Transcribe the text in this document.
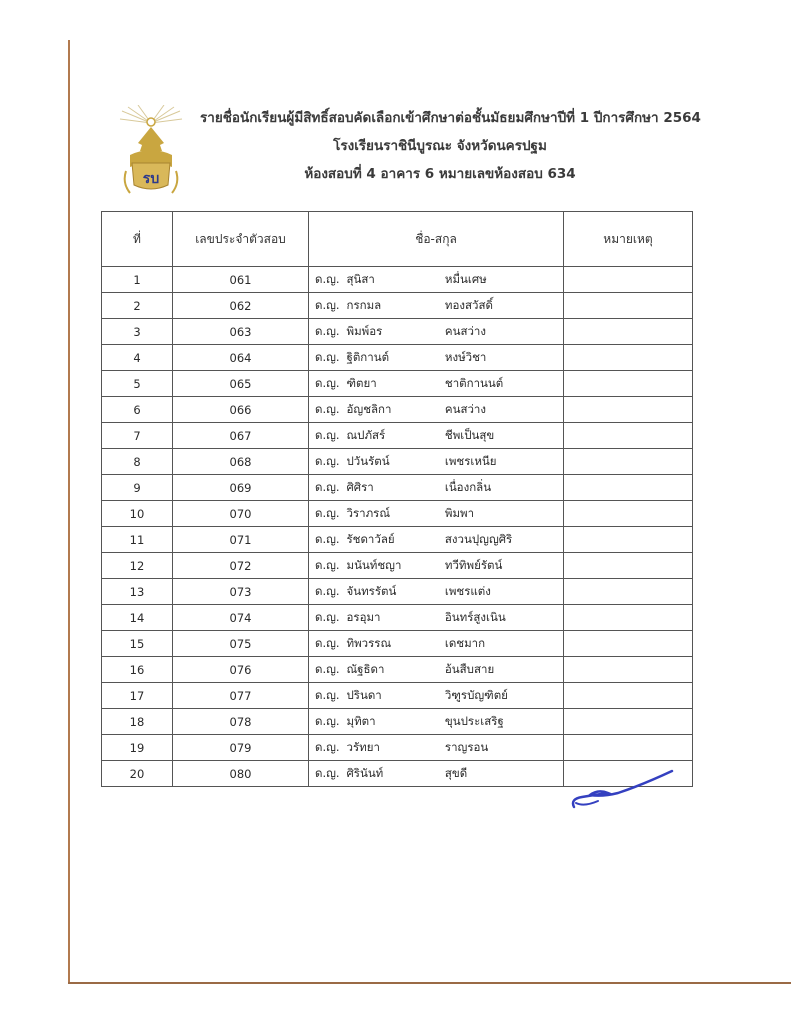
รบ
รายชื่อนักเรียนผู้มีสิทธิ์สอบคัดเลือกเข้าศึกษาต่อชั้นมัธยมศึกษาปีที่ 1 ปีการศึกษา 2564
โรงเรียนราชินีบูรณะ จังหวัดนครปฐม
ห้องสอบที่ 4 อาคาร 6 หมายเลขห้องสอบ 634
ที่	เลขประจำตัวสอบ	ชื่อ-สกุล	หมายเหตุ
1	061	ด.ญ. สุนิสา หมื่นเศษ	

2	062	ด.ญ. กรกมล ทองสวัสดิ์	

3	063	ด.ญ. พิมพ์อร คนสว่าง	

4	064	ด.ญ. ฐิติกานต์ หงษ์วิชา	

5	065	ด.ญ. ฑิตยา ชาติกานนต์	

6	066	ด.ญ. อัญชลิกา คนสว่าง	

7	067	ด.ญ. ณปภัสร์ ชีพเป็นสุข	

8	068	ด.ญ. ปวันรัตน์ เพชรเหนีย	

9	069	ด.ญ. ศิศิรา เนื่องกลิ่น	

10	070	ด.ญ. วิราภรณ์ พิมพา	

11	071	ด.ญ. รัชดาวัลย์ สงวนปุญญศิริ	

12	072	ด.ญ. มนันท์ชญา ทวีทิพย์รัตน์	

13	073	ด.ญ. จันทรรัตน์ เพชรแต่ง	

14	074	ด.ญ. อรอุมา อินทร์สูงเนิน	

15	075	ด.ญ. ทิพวรรณ เดชมาก	

16	076	ด.ญ. ณัฐธิดา อ้นสืบสาย	

17	077	ด.ญ. ปรินดา วิฑูรบัญฑิตย์	

18	078	ด.ญ. มุทิตา ขุนประเสริฐ	

19	079	ด.ญ. วรัทยา ราญรอน	

20	080	ด.ญ. ศิรินันท์ สุขดี	
